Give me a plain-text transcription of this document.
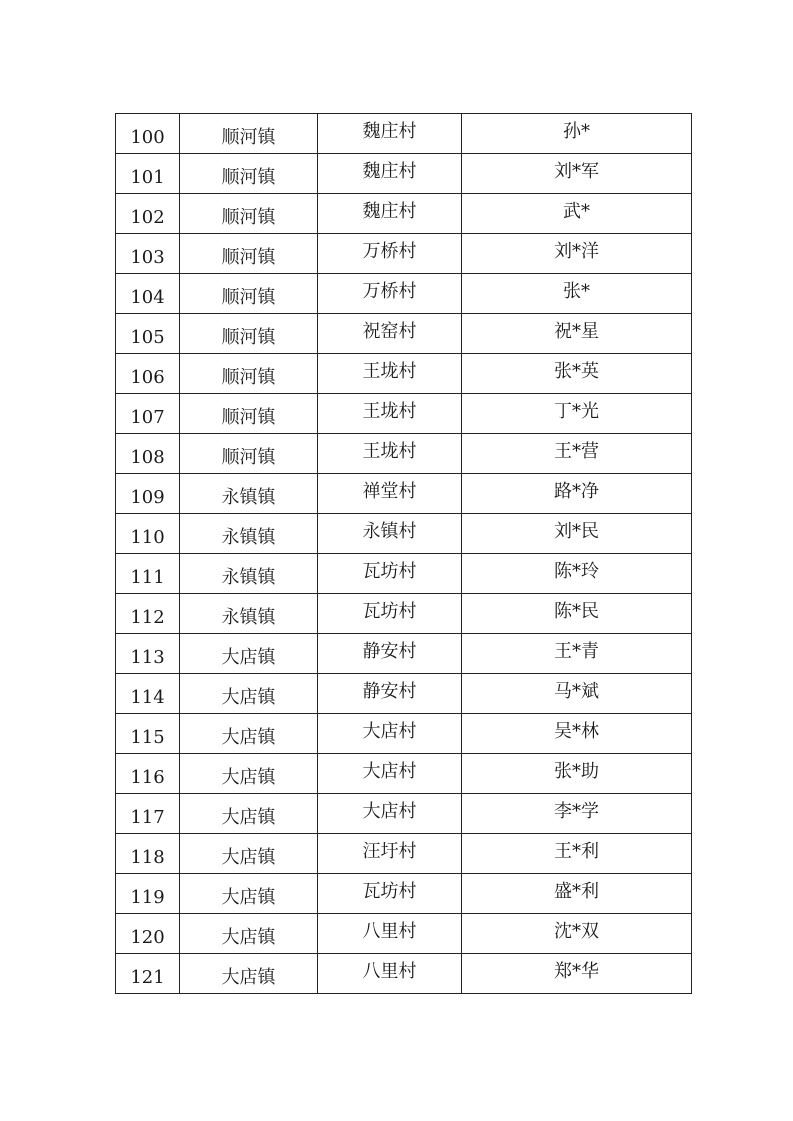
100	顺河镇	魏庄村	孙*
101	顺河镇	魏庄村	刘*军
102	顺河镇	魏庄村	武*
103	顺河镇	万桥村	刘*洋
104	顺河镇	万桥村	张*
105	顺河镇	祝窑村	祝*星
106	顺河镇	王垅村	张*英
107	顺河镇	王垅村	丁*光
108	顺河镇	王垅村	王*营
109	永镇镇	禅堂村	路*净
110	永镇镇	永镇村	刘*民
111	永镇镇	瓦坊村	陈*玲
112	永镇镇	瓦坊村	陈*民
113	大店镇	静安村	王*青
114	大店镇	静安村	马*斌
115	大店镇	大店村	吴*林
116	大店镇	大店村	张*助
117	大店镇	大店村	李*学
118	大店镇	汪圩村	王*利
119	大店镇	瓦坊村	盛*利
120	大店镇	八里村	沈*双
121	大店镇	八里村	郑*华
